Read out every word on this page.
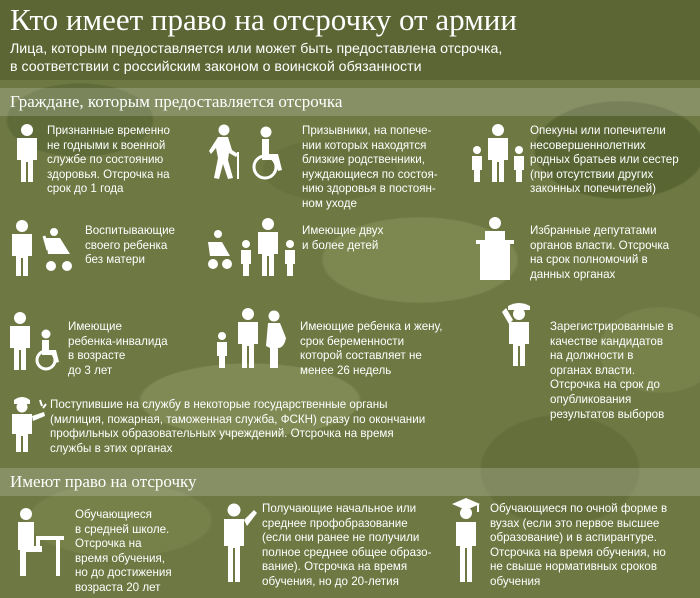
Кто имеет право на отсрочку от армии
Лица, которым предоставляется или может быть предоставлена отсрочка,
в соответствии с российским законом о воинской обязанности
Граждане, которым предоставляется отсрочка
Признанные временно
не годными к военной
службе по состоянию
здоровья. Отсрочка на
срок до 1 года
Призывники, на попече-
нии которых находятся
близкие родственники,
нуждающиеся по состоя-
нию здоровья в постоян-
ном уходе
Опекуны или попечители
несовершеннолетних
родных братьев или сестер
(при отсутствии других
законных попечителей)
Воспитывающие
своего ребенка
без матери
Имеющие двух
и более детей
Избранные депутатами
органов власти. Отсрочка
на срок полномочий в
данных органах
Имеющие
ребенка-инвалида
в возрасте
до 3 лет
Имеющие ребенка и жену,
срок беременности
которой составляет не
менее 26 недель
Зарегистрированные в
качестве кандидатов
на должности в
органах власти.
Отсрочка на срок до
опубликования
результатов выборов
Поступившие на службу в некоторые государственные органы
(милиция, пожарная, таможенная служба, ФСКН) сразу по окончании
профильных образовательных учреждений. Отсрочка на время
службы в этих органах
Имеют право на отсрочку
Обучающиеся
в средней школе.
Отсрочка на
время обучения,
но до достижения
возраста 20 лет
Получающие начальное или
среднее профобразование
(если они ранее не получили
полное среднее общее образо-
вание). Отсрочка на время
обучения, но до 20-летия
Обучающиеся по очной форме в
вузах (если это первое высшее
образование) и в аспирантуре.
Отсрочка на время обучения, но
не свыше нормативных сроков
обучения
